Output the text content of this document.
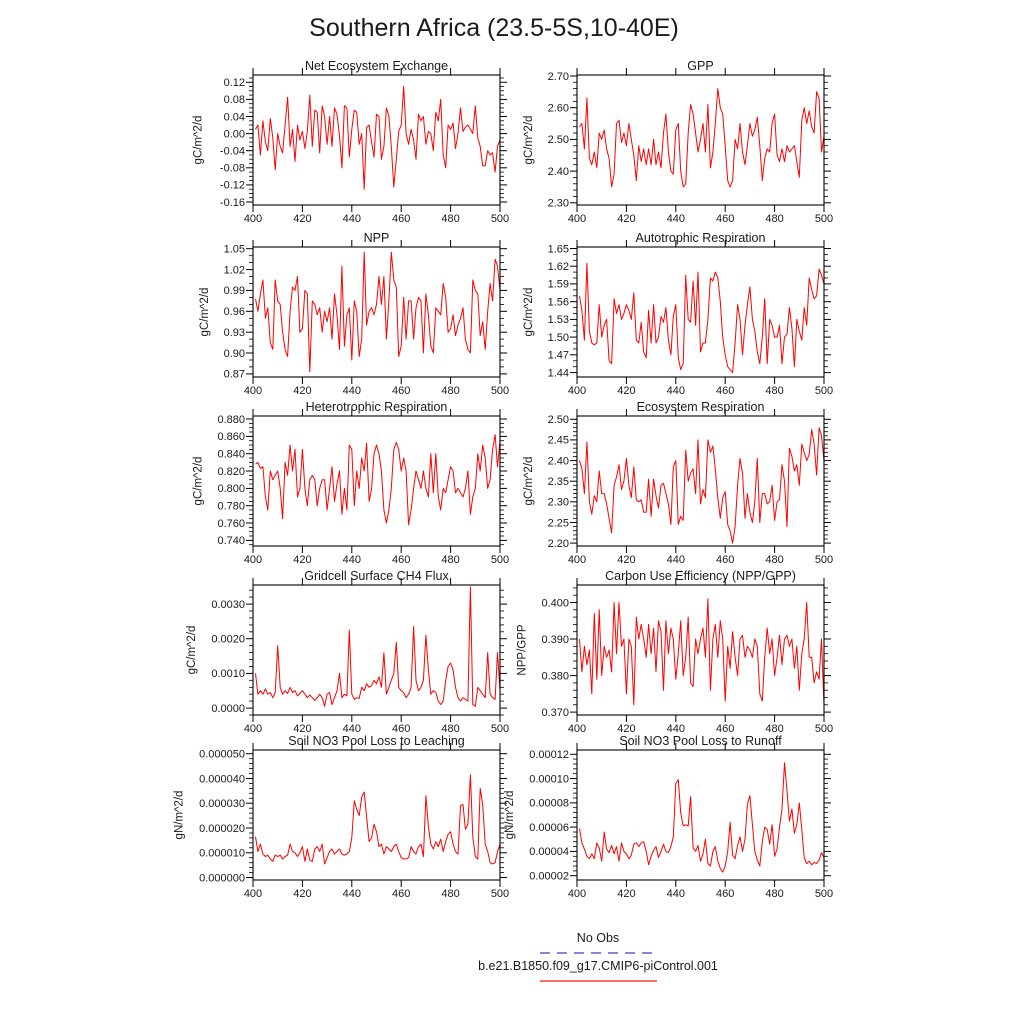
Southern Africa (23.5-5S,10-40E)
Net Ecosystem Exchange
400	420	440	460	480	500
-0.16
-0.12
-0.08
-0.04
0.00
0.04
0.08
0.12
gC/m^2/d
GPP
400	420	440	460	480	500
2.30
2.40
2.50
2.60
2.70
gC/m^2/d
NPP
400	420	440	460	480	500
0.87
0.90
0.93
0.96
0.99
1.02
1.05
gC/m^2/d
Autotrophic Respiration
400	420	440	460	480	500
1.44
1.47
1.50
1.53
1.56
1.59
1.62
1.65
gC/m^2/d
Heterotrophic Respiration
400	420	440	460	480	500
0.740
0.760
0.780
0.800
0.820
0.840
0.860
0.880
gC/m^2/d
Ecosystem Respiration
400	420	440	460	480	500
2.20
2.25
2.30
2.35
2.40
2.45
2.50
gC/m^2/d
Gridcell Surface CH4 Flux
400	420	440	460	480	500
0.0000
0.0010
0.0020
0.0030
gC/m^2/d
Carbon Use Efficiency (NPP/GPP)
400	420	440	460	480	500
0.370
0.380
0.390
0.400
NPP/GPP
Soil NO3 Pool Loss to Leaching
400	420	440	460	480	500
0.000000
0.000010
0.000020
0.000030
0.000040
0.000050
gN/m^2/d
Soil NO3 Pool Loss to Runoff
400	420	440	460	480	500
0.00002
0.00004
0.00006
0.00008
0.00010
0.00012
gN/m^2/d
No Obs
b.e21.B1850.f09_g17.CMIP6-piControl.001
